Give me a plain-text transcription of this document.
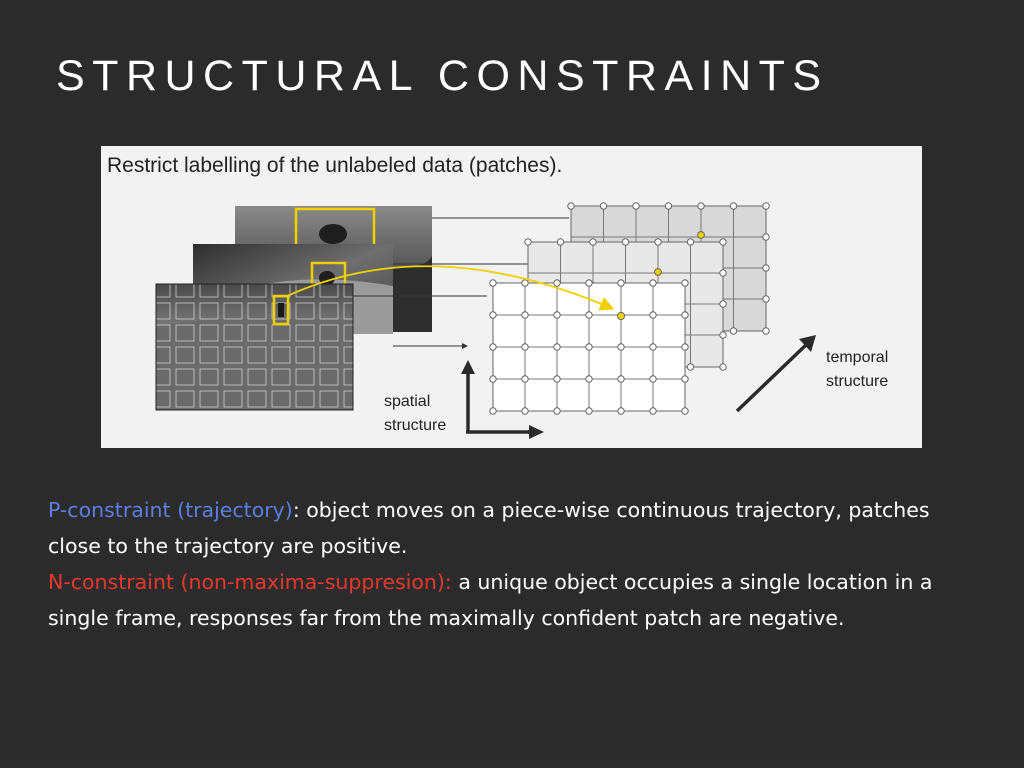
STRUCTURAL CONSTRAINTS
Restrict labelling of the unlabeled data (patches).
spatial
structure
temporal
structure
P-constraint (trajectory): object moves on a piece-wise continuous trajectory, patches close to the trajectory are positive.
N-constraint (non-maxima-suppresion): a unique object occupies a single location in a single frame, responses far from the maximally confident patch are negative.
